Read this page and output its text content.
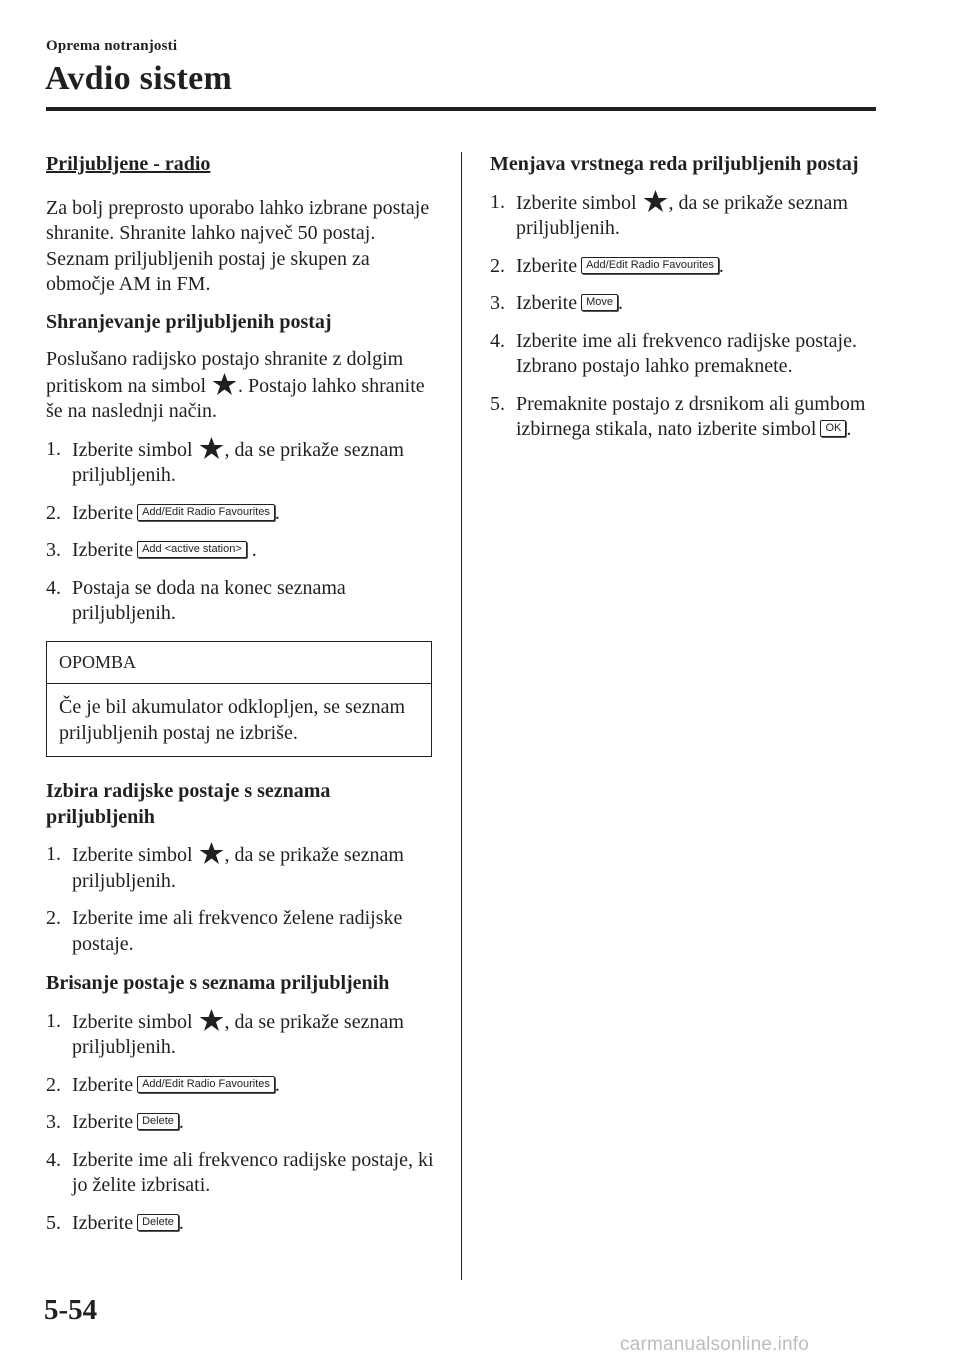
Oprema notranjosti
Avdio sistem

Priljubljene - radio

Za bolj preprosto uporabo lahko izbrane postaje shranite. Shranite lahko največ 50 postaj. Seznam priljubljenih postaj je skupen za območje AM in FM.

Shranjevanje priljubljenih postaj

Poslušano radijsko postajo shranite z dolgim pritiskom na simbol . Postajo lahko shranite še na naslednji način.

1. Izberite simbol , da se prikaže seznam priljubljenih.
2. Izberite Add/Edit Radio Favourites .
3. Izberite Add <active station> .
4. Postaja se doda na konec seznama priljubljenih.
OPOMBA
Če je bil akumulator odklopljen, se seznam priljubljenih postaj ne izbriše.

Izbira radijske postaje s seznama priljubljenih

1. Izberite simbol , da se prikaže seznam priljubljenih.
2. Izberite ime ali frekvenco želene radijske postaje.

Brisanje postaje s seznama priljubljenih

1. Izberite simbol , da se prikaže seznam priljubljenih.
2. Izberite Add/Edit Radio Favourites .
3. Izberite Delete .
4. Izberite ime ali frekvenco radijske postaje, ki jo želite izbrisati.
5. Izberite Delete .

Menjava vrstnega reda priljubljenih postaj

1. Izberite simbol , da se prikaže seznam priljubljenih.
2. Izberite Add/Edit Radio Favourites .
3. Izberite Move .
4. Izberite ime ali frekvenco radijske postaje. Izbrano postajo lahko premaknete.
5. Premaknite postajo z drsnikom ali gumbom izbirnega stikala, nato izberite simbol OK .
5-54
carmanualsonline.info
